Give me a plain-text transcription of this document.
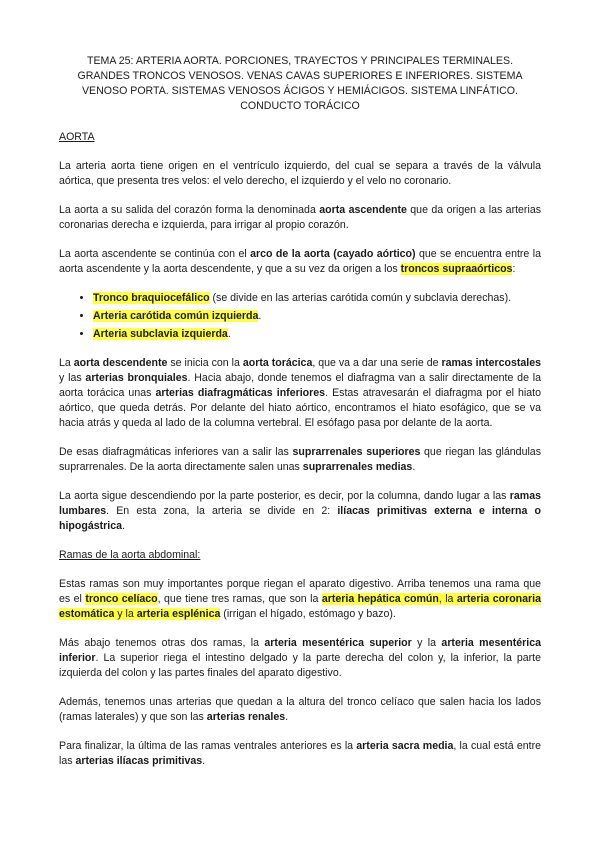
TEMA 25: ARTERIA AORTA. PORCIONES, TRAYECTOS Y PRINCIPALES TERMINALES. GRANDES TRONCOS VENOSOS. VENAS CAVAS SUPERIORES E INFERIORES. SISTEMA VENOSO PORTA. SISTEMAS VENOSOS ÁCIGOS Y HEMIÁCIGOS. SISTEMA LINFÁTICO. CONDUCTO TORÁCICO
AORTA

La arteria aorta tiene origen en el ventrículo izquierdo, del cual se separa a través de la válvula aórtica, que presenta tres velos: el velo derecho, el izquierdo y el velo no coronario.

La aorta a su salida del corazón forma la denominada aorta ascendente que da origen a las arterias coronarias derecha e izquierda, para irrigar al propio corazón.

La aorta ascendente se continúa con el arco de la aorta (cayado aórtico) que se encuentra entre la aorta ascendente y la aorta descendente, y que a su vez da origen a los troncos supraaórticos:

• Tronco braquiocefálico (se divide en las arterias carótida común y subclavia derechas).
• Arteria carótida común izquierda.
• Arteria subclavia izquierda.

La aorta descendente se inicia con la aorta torácica, que va a dar una serie de ramas intercostales y las arterias bronquiales. Hacia abajo, donde tenemos el diafragma van a salir directamente de la aorta torácica unas arterias diafragmáticas inferiores. Estas atravesarán el diafragma por el hiato aórtico, que queda detrás. Por delante del hiato aórtico, encontramos el hiato esofágico, que se va hacia atrás y queda al lado de la columna vertebral. El esófago pasa por delante de la aorta.

De esas diafragmáticas inferiores van a salir las suprarrenales superiores que riegan las glándulas suprarrenales. De la aorta directamente salen unas suprarrenales medias.

La aorta sigue descendiendo por la parte posterior, es decir, por la columna, dando lugar a las ramas lumbares. En esta zona, la arteria se divide en 2: ilíacas primitivas externa e interna o hipogástrica.

Ramas de la aorta abdominal:

Estas ramas son muy importantes porque riegan el aparato digestivo. Arriba tenemos una rama que es el tronco celíaco, que tiene tres ramas, que son la arteria hepática común, la arteria coronaria estomática y la arteria esplénica (irrigan el hígado, estómago y bazo).

Más abajo tenemos otras dos ramas, la arteria mesentérica superior y la arteria mesentérica inferior. La superior riega el intestino delgado y la parte derecha del colon y, la inferior, la parte izquierda del colon y las partes finales del aparato digestivo.

Además, tenemos unas arterias que quedan a la altura del tronco celíaco que salen hacia los lados (ramas laterales) y que son las arterias renales.

Para finalizar, la última de las ramas ventrales anteriores es la arteria sacra media, la cual está entre las arterias ilíacas primitivas.
